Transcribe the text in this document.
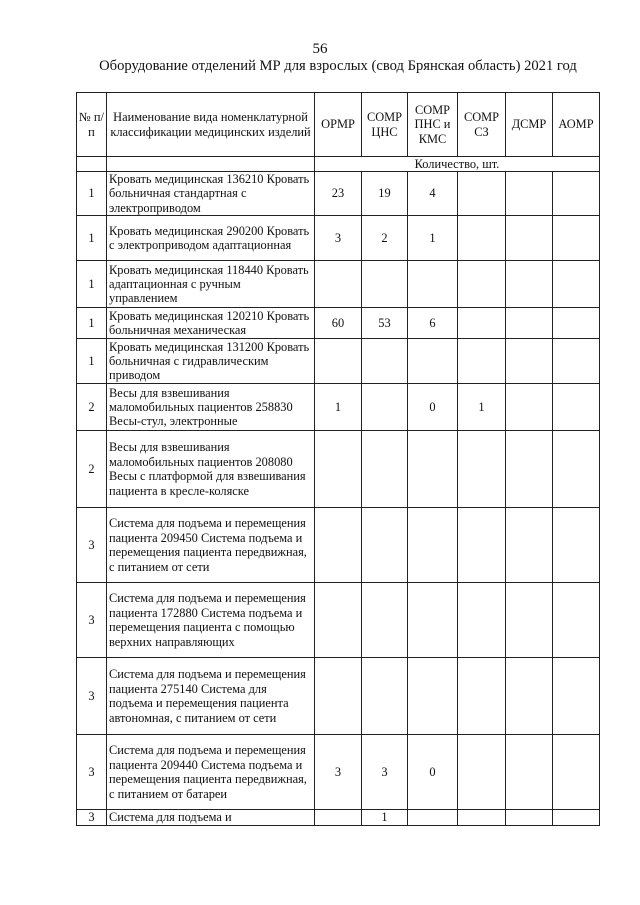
56
Оборудование отделений МР для взрослых (свод Брянская область) 2021 год
№ п/п	Наименование вида номенклатурной классификации медицинских изделий	ОРМР	СОМР ЦНС	СОМР ПНС и КМС	СОМР СЗ	ДСМР	АОМР
		Количество, шт.					
1	Кровать медицинская 136210 Кровать больничная стандартная с электроприводом	23	19	4			
1	Кровать медицинская 290200 Кровать с электроприводом адаптационная	3	2	1			
1	Кровать медицинская 118440 Кровать адаптационная с ручным управлением						
1	Кровать медицинская 120210 Кровать больничная механическая	60	53	6			
1	Кровать медицинская 131200 Кровать больничная с гидравлическим приводом						
2	Весы для взвешивания маломобильных пациентов 258830 Весы-стул, электронные	1		0	1		
2	Весы для взвешивания маломобильных пациентов 208080 Весы с платформой для взвешивания пациента в кресле-коляске						
3	Система для подъема и перемещения пациента 209450 Система подъема и перемещения пациента передвижная, с питанием от сети						
3	Система для подъема и перемещения пациента 172880 Система подъема и перемещения пациента с помощью верхних направляющих						
3	Система для подъема и перемещения пациента 275140 Система для подъема и перемещения пациента автономная, с питанием от сети						
3	Система для подъема и перемещения пациента 209440 Система подъема и перемещения пациента передвижная, с питанием от батареи	3	3	0			
3	Система для подъема и		1				
